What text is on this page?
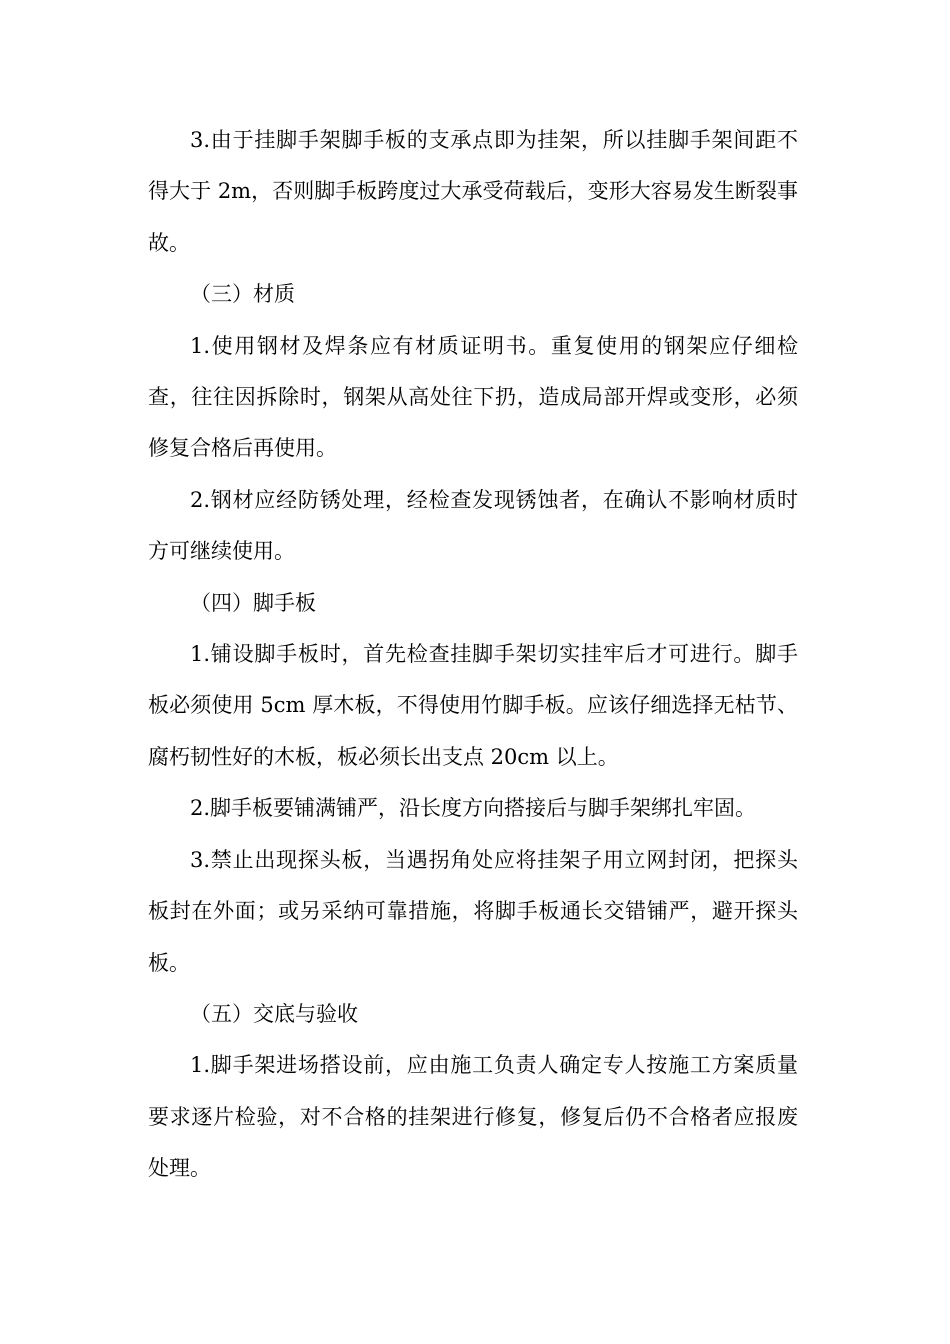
3.由于挂脚手架脚手板的支承点即为挂架，所以挂脚手架间距不得大于 2m，否则脚手板跨度过大承受荷载后，变形大容易发生断裂事故。

（三）材质

1.使用钢材及焊条应有材质证明书。重复使用的钢架应仔细检查，往往因拆除时，钢架从高处往下扔，造成局部开焊或变形，必须修复合格后再使用。

2.钢材应经防锈处理，经检查发现锈蚀者，在确认不影响材质时方可继续使用。

（四）脚手板

1.铺设脚手板时，首先检查挂脚手架切实挂牢后才可进行。脚手板必须使用 5cm 厚木板，不得使用竹脚手板。应该仔细选择无枯节、腐朽韧性好的木板，板必须长出支点 20cm 以上。

2.脚手板要铺满铺严，沿长度方向搭接后与脚手架绑扎牢固。

3.禁止出现探头板，当遇拐角处应将挂架子用立网封闭，把探头板封在外面；或另采纳可靠措施，将脚手板通长交错铺严，避开探头板。

（五）交底与验收

1.脚手架进场搭设前，应由施工负责人确定专人按施工方案质量要求逐片检验，对不合格的挂架进行修复，修复后仍不合格者应报废处理。
